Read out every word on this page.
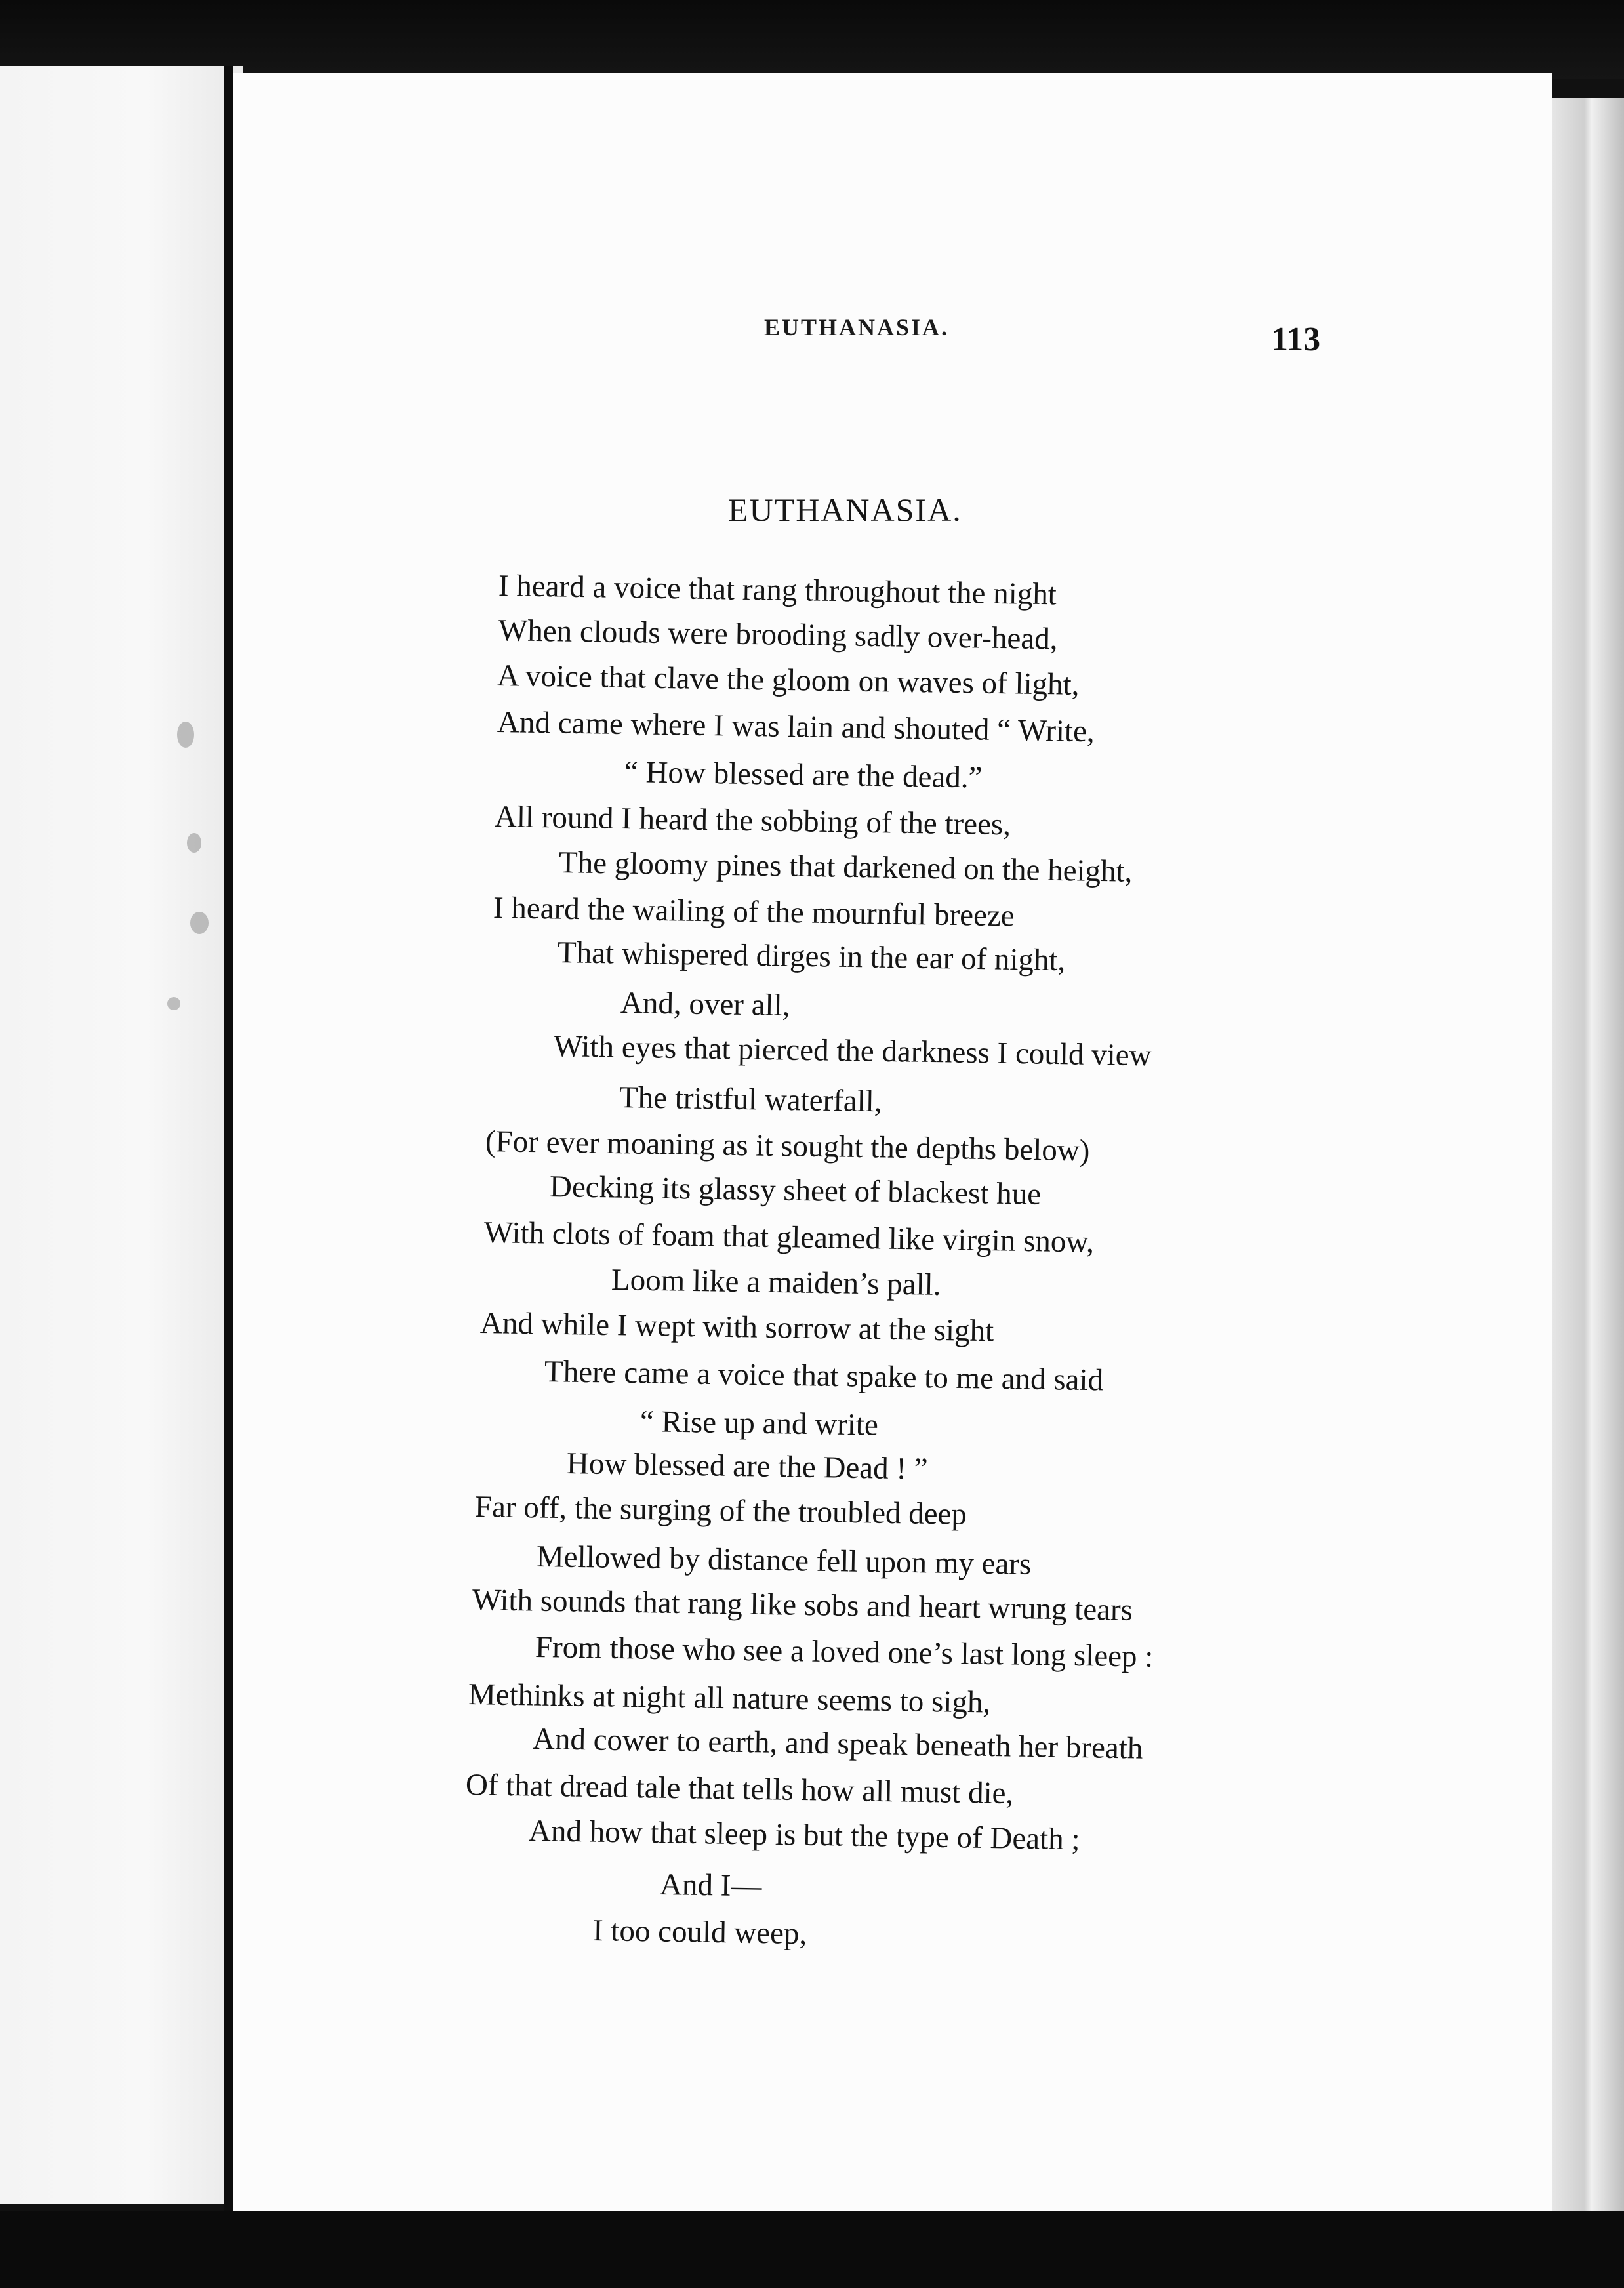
EUTHANASIA.	113
EUTHANASIA.
I heard a voice that rang throughout the night
When clouds were brooding sadly over-head,
A voice that clave the gloom on waves of light,
And came where I was lain and shouted “ Write,
“ How blessed are the dead.”
All round I heard the sobbing of the trees,
The gloomy pines that darkened on the height,
I heard the wailing of the mournful breeze
That whispered dirges in the ear of night,
And, over all,
With eyes that pierced the darkness I could view
The tristful waterfall,
(For ever moaning as it sought the depths below)
Decking its glassy sheet of blackest hue
With clots of foam that gleamed like virgin snow,
Loom like a maiden’s pall.
And while I wept with sorrow at the sight
There came a voice that spake to me and said
“ Rise up and write
How blessed are the Dead ! ”
Far off, the surging of the troubled deep
Mellowed by distance fell upon my ears
With sounds that rang like sobs and heart wrung tears
From those who see a loved one’s last long sleep :
Methinks at night all nature seems to sigh,
And cower to earth, and speak beneath her breath
Of that dread tale that tells how all must die,
And how that sleep is but the type of Death ;
And I—
I too could weep,
